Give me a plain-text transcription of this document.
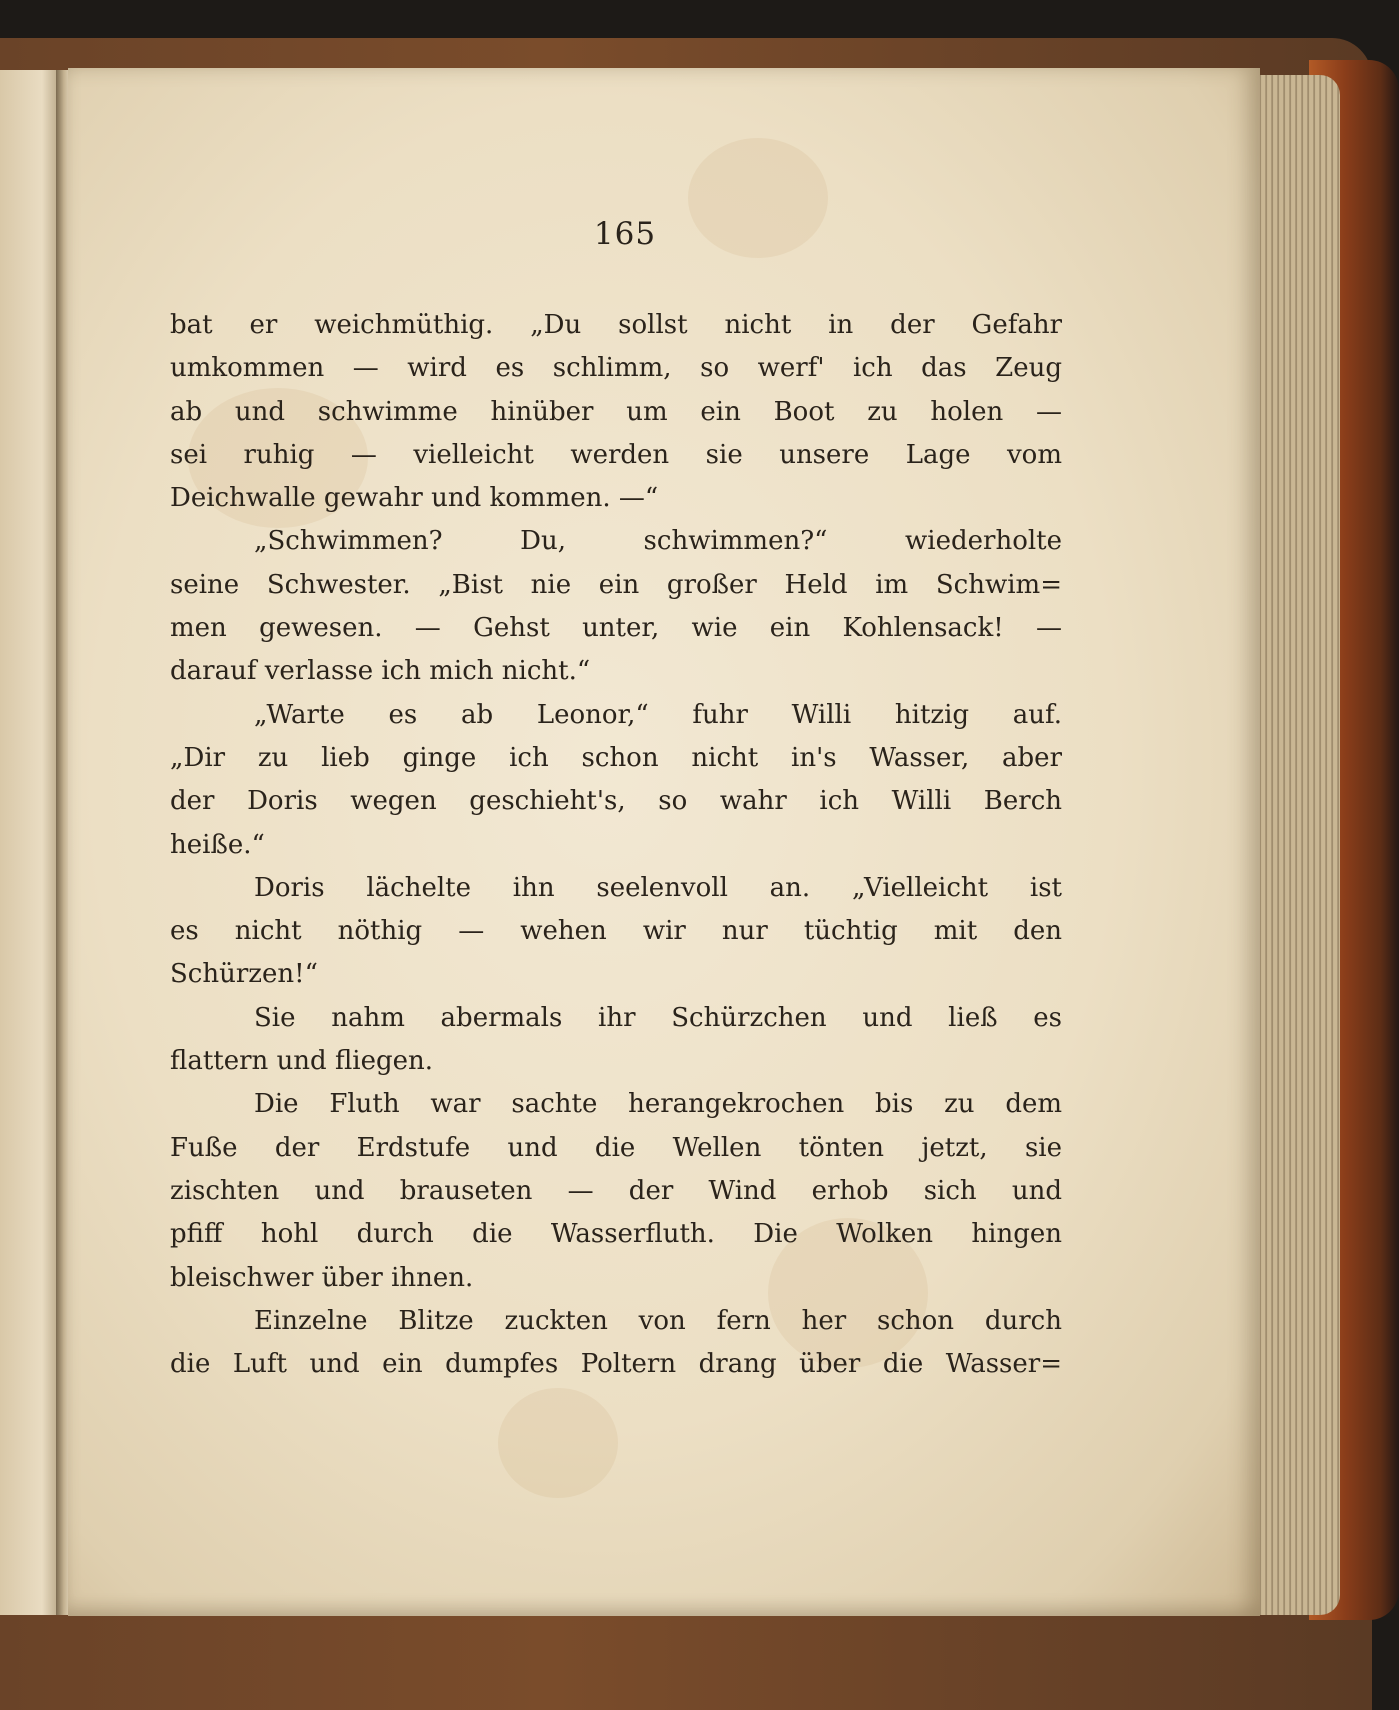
165
bat er weichmüthig. „Du sollst nicht in der Gefahr
umkommen — wird es schlimm, so werf' ich das Zeug
ab und schwimme hinüber um ein Boot zu holen —
sei ruhig — vielleicht werden sie unsere Lage vom
Deichwalle gewahr und kommen. —“
„Schwimmen? Du, schwimmen?“ wiederholte
seine Schwester. „Bist nie ein großer Held im Schwim=
men gewesen. — Gehst unter, wie ein Kohlensack! —
darauf verlasse ich mich nicht.“
„Warte es ab Leonor,“ fuhr Willi hitzig auf.
„Dir zu lieb ginge ich schon nicht in's Wasser, aber
der Doris wegen geschieht's, so wahr ich Willi Berch
heiße.“
Doris lächelte ihn seelenvoll an. „Vielleicht ist
es nicht nöthig — wehen wir nur tüchtig mit den
Schürzen!“
Sie nahm abermals ihr Schürzchen und ließ es
flattern und fliegen.
Die Fluth war sachte herangekrochen bis zu dem
Fuße der Erdstufe und die Wellen tönten jetzt, sie
zischten und brauseten — der Wind erhob sich und
pfiff hohl durch die Wasserfluth. Die Wolken hingen
bleischwer über ihnen.
Einzelne Blitze zuckten von fern her schon durch
die Luft und ein dumpfes Poltern drang über die Wasser=
